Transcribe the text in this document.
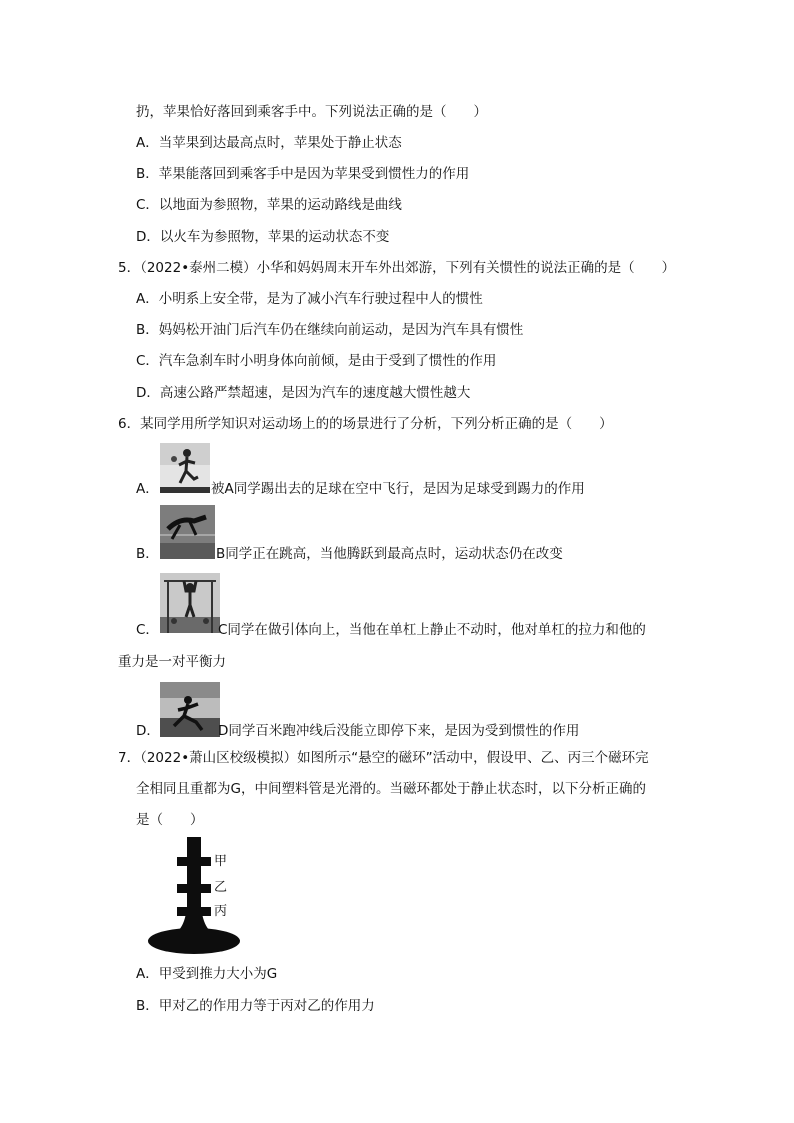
扔，苹果恰好落回到乘客手中。下列说法正确的是（　　）
A．当苹果到达最高点时，苹果处于静止状态
B．苹果能落回到乘客手中是因为苹果受到惯性力的作用
C．以地面为参照物，苹果的运动路线是曲线
D．以火车为参照物，苹果的运动状态不变
5．（2022•泰州二模）小华和妈妈周末开车外出郊游，下列有关惯性的说法正确的是（　　）
A．小明系上安全带，是为了减小汽车行驶过程中人的惯性
B．妈妈松开油门后汽车仍在继续向前运动，是因为汽车具有惯性
C．汽车急刹车时小明身体向前倾，是由于受到了惯性的作用
D．高速公路严禁超速，是因为汽车的速度越大惯性越大
6．某同学用所学知识对运动场上的的场景进行了分析，下列分析正确的是（　　）
A．	被A同学踢出去的足球在空中飞行，是因为足球受到踢力的作用
B．	B同学正在跳高，当他腾跃到最高点时，运动状态仍在改变
C．	C同学在做引体向上，当他在单杠上静止不动时，他对单杠的拉力和他的
重力是一对平衡力
D．	D同学百米跑冲线后没能立即停下来，是因为受到惯性的作用
7．（2022•萧山区校级模拟）如图所示“悬空的磁环”活动中，假设甲、乙、丙三个磁环完
全相同且重都为G，中间塑料管是光滑的。当磁环都处于静止状态时，以下分析正确的
是（　　）
甲
乙
丙
A．甲受到推力大小为G
B．甲对乙的作用力等于丙对乙的作用力
